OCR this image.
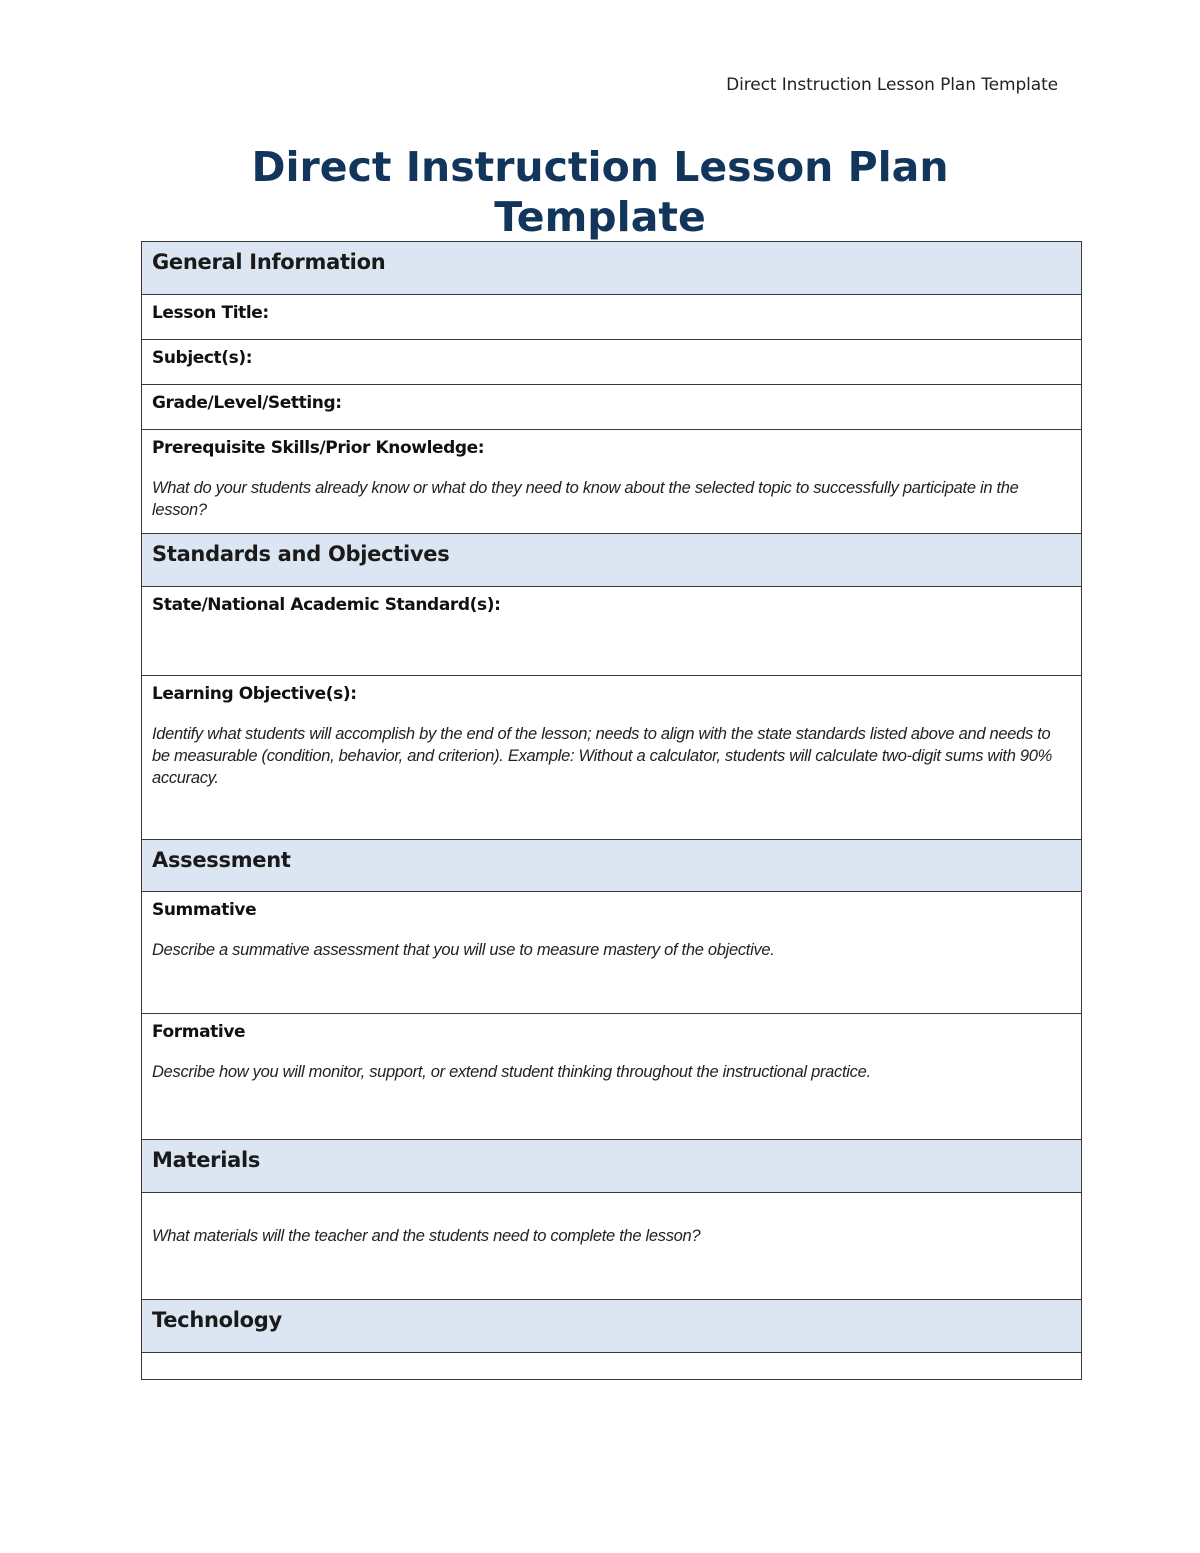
Direct Instruction Lesson Plan Template
Direct Instruction Lesson Plan Template
General Information

Lesson Title:

Subject(s):

Grade/Level/Setting:

Prerequisite Skills/Prior Knowledge:
What do your students already know or what do they need to know about the selected topic to successfully participate in the lesson?

Standards and Objectives

State/National Academic Standard(s):

Learning Objective(s):
Identify what students will accomplish by the end of the lesson; needs to align with the state standards listed above and needs to be measurable (condition, behavior, and criterion). Example: Without a calculator, students will calculate two-digit sums with 90% accuracy.

Assessment

Summative
Describe a summative assessment that you will use to measure mastery of the objective.

Formative
Describe how you will monitor, support, or extend student thinking throughout the instructional practice.

Materials

What materials will the teacher and the students need to complete the lesson?

Technology
